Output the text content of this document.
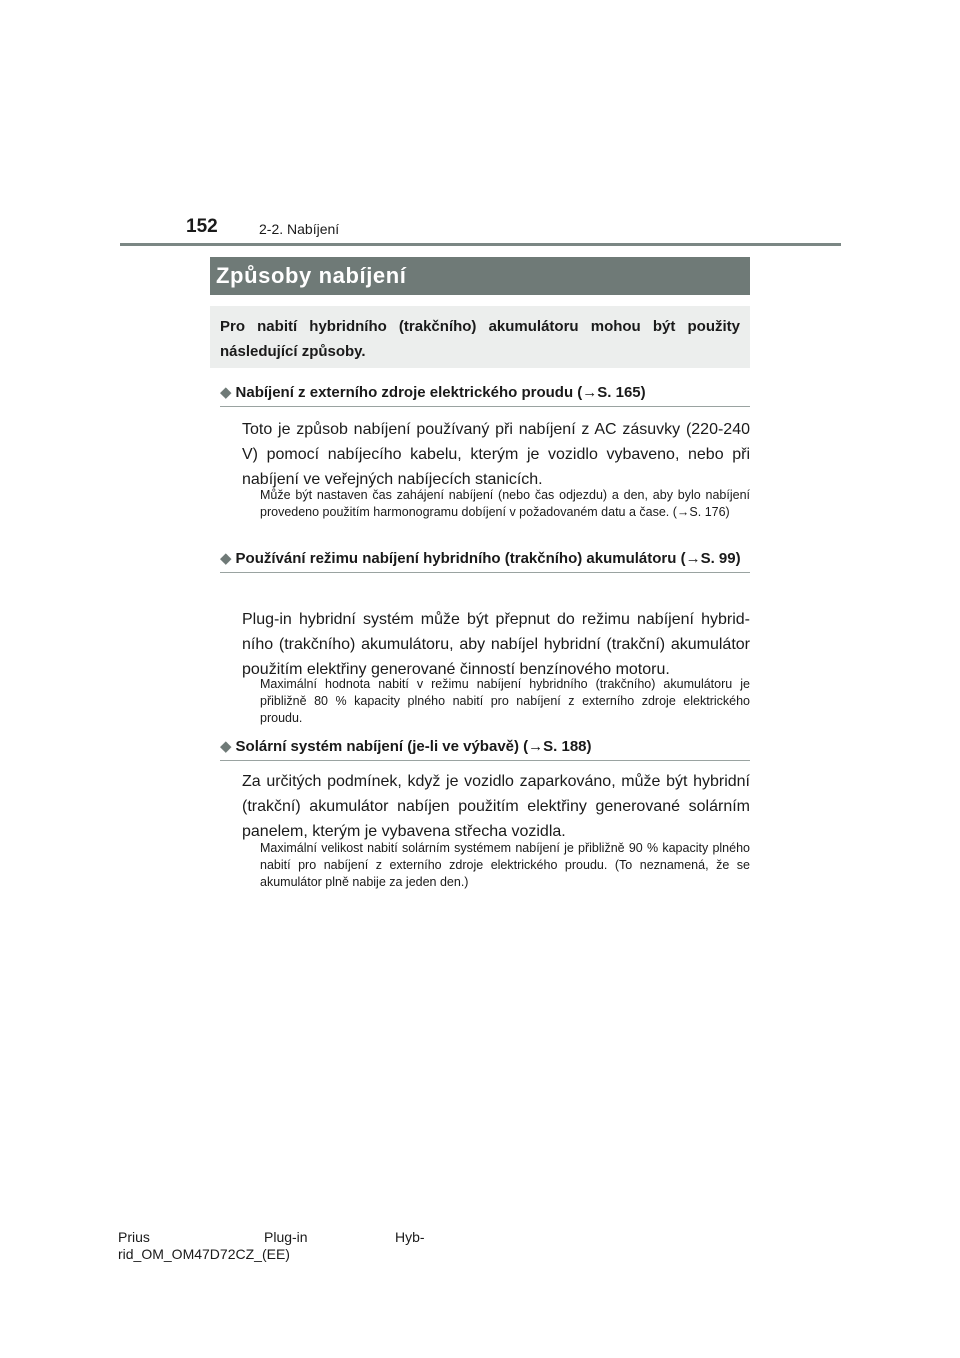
152	2-2. Nabíjení
Způsoby nabíjení
Pro nabití hybridního (trakčního) akumulátoru mohou být použity následující způsoby.
◆ Nabíjení z externího zdroje elektrického proudu (→S. 165)
Toto je způsob nabíjení používaný při nabíjení z AC zásuvky (220-240 V) pomocí nabíjecího kabelu, kterým je vozidlo vybaveno, nebo při nabíjení ve veřejných nabíjecích stanicích.
Může být nastaven čas zahájení nabíjení (nebo čas odjezdu) a den, aby bylo nabíjení provedeno použitím harmonogramu dobíjení v požadovaném datu a čase. (→S. 176)
◆ Používání režimu nabíjení hybridního (trakčního) akumulátoru (→S. 99)
Plug-in hybridní systém může být přepnut do režimu nabíjení hybridního (trakčního) akumulátoru, aby nabíjel hybridní (trakční) akumulátor použitím elektřiny generované činností benzínového motoru.
Maximální hodnota nabití v režimu nabíjení hybridního (trakčního) akumulátoru je přibližně 80 % kapacity plného nabití pro nabíjení z externího zdroje elektrického proudu.
◆ Solární systém nabíjení (je-li ve výbavě) (→S. 188)
Za určitých podmínek, když je vozidlo zaparkováno, může být hybridní (trakční) akumulátor nabíjen použitím elektřiny generované solárním panelem, kterým je vybavena střecha vozidla.
Maximální velikost nabití solárním systémem nabíjení je přibližně 90 % kapacity plného nabití pro nabíjení z externího zdroje elektrického proudu. (To neznamená, že se akumulátor plně nabije za jeden den.)
Prius	Plug-in	Hyb-
rid_OM_OM47D72CZ_(EE)
